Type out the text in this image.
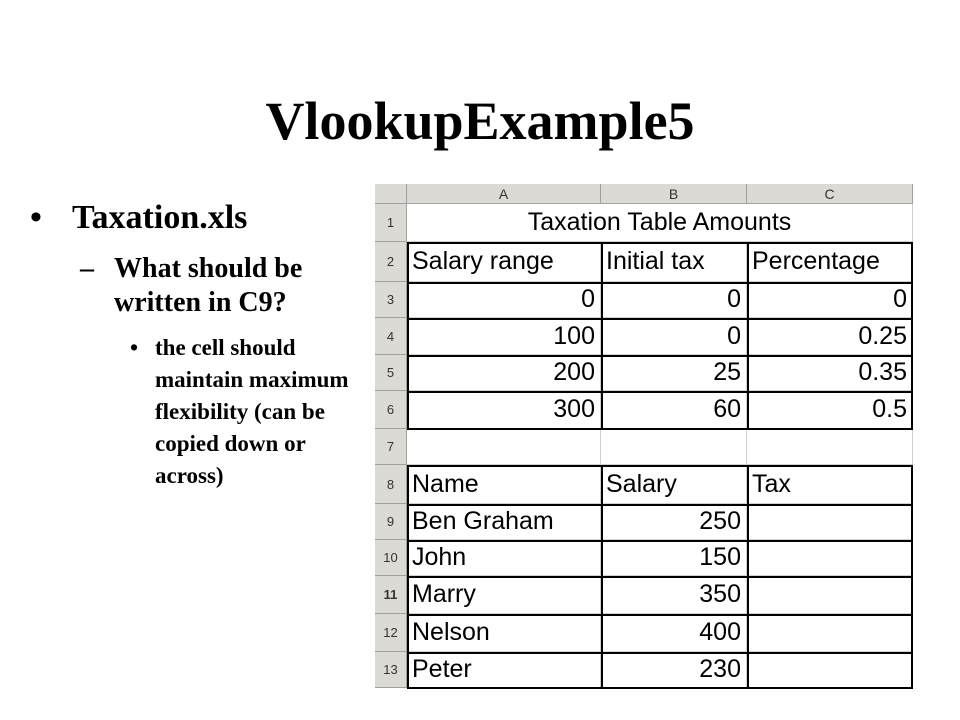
VlookupExample5
• Taxation.xls
– What should be written in C9?
• the cell should maintain maximum flexibility (can be copied down or across)
A	B	C
1
2
3
4
5
6
7
8
9
10
11
12
13
Taxation Table Amounts
Salary range	Initial tax	Percentage
0	0	0
100	0	0.25
200	25	0.35
300	60	0.5
Name	Salary	Tax
Ben Graham	250
John	150
Marry	350
Nelson	400
Peter	230
